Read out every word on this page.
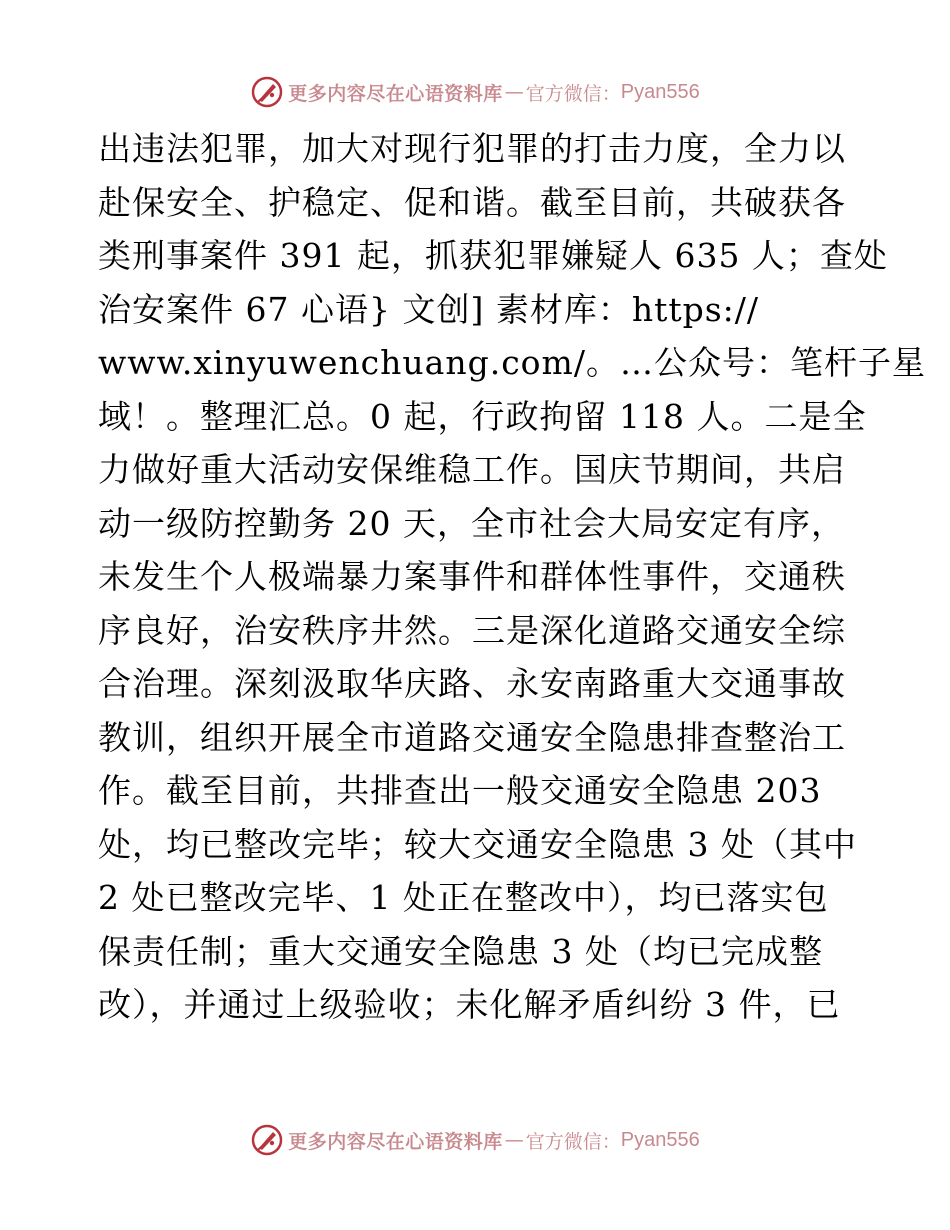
更多内容尽在心语资料库 — 官方微信： Pyan556
出违法犯罪，加大对现行犯罪的打击力度，全力以
赴保安全、护稳定、促和谐。截至目前，共破获各
类刑事案件 391 起，抓获犯罪嫌疑人 635 人；查处
治安案件 67 心语} 文创] 素材库：https://
www.xinyuwenchuang.com/。…公众号：笔杆子星
域！。整理汇总。0 起，行政拘留 118 人。二是全
力做好重大活动安保维稳工作。国庆节期间，共启
动一级防控勤务 20 天，全市社会大局安定有序，
未发生个人极端暴力案事件和群体性事件，交通秩
序良好，治安秩序井然。三是深化道路交通安全综
合治理。深刻汲取华庆路、永安南路重大交通事故
教训，组织开展全市道路交通安全隐患排查整治工
作。截至目前，共排查出一般交通安全隐患 203
处，均已整改完毕；较大交通安全隐患 3 处（其中
2 处已整改完毕、1 处正在整改中），均已落实包
保责任制；重大交通安全隐患 3 处（均已完成整
改），并通过上级验收；未化解矛盾纠纷 3 件，已
更多内容尽在心语资料库 — 官方微信： Pyan556
